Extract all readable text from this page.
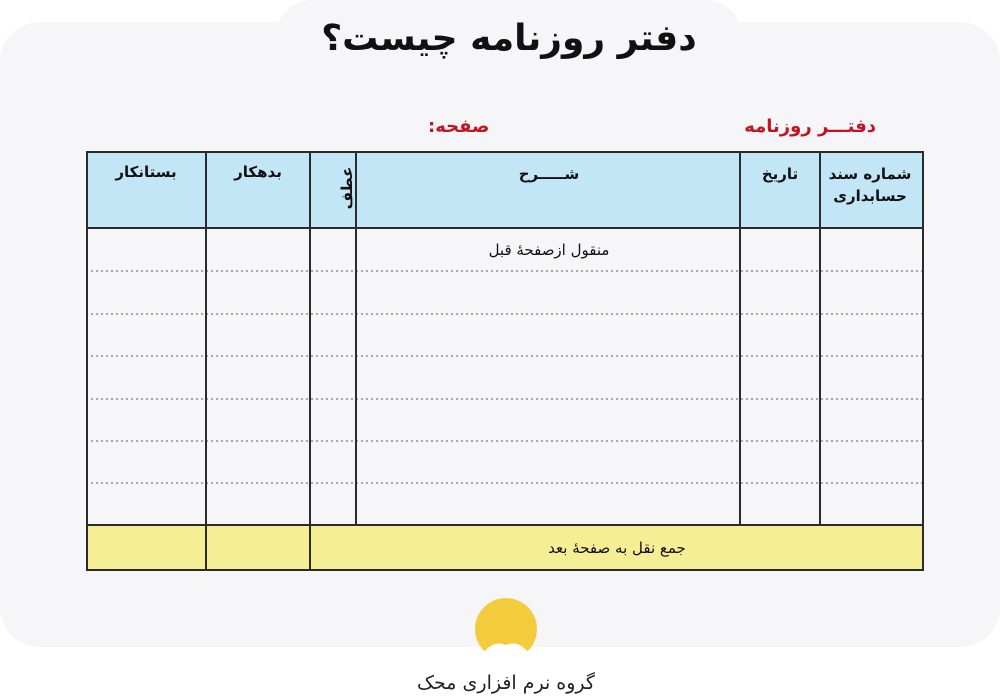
دفتر روزنامه چیست؟
دفتـــر روزنامه
صفحه:
شماره سند حسابداری
تاریخ
شـــــرح
عطف
بدهکار
بستانکار
منقول ازصفحهٔ قبل
جمع نقل به صفحهٔ بعد
گروه نرم افزاری محک
